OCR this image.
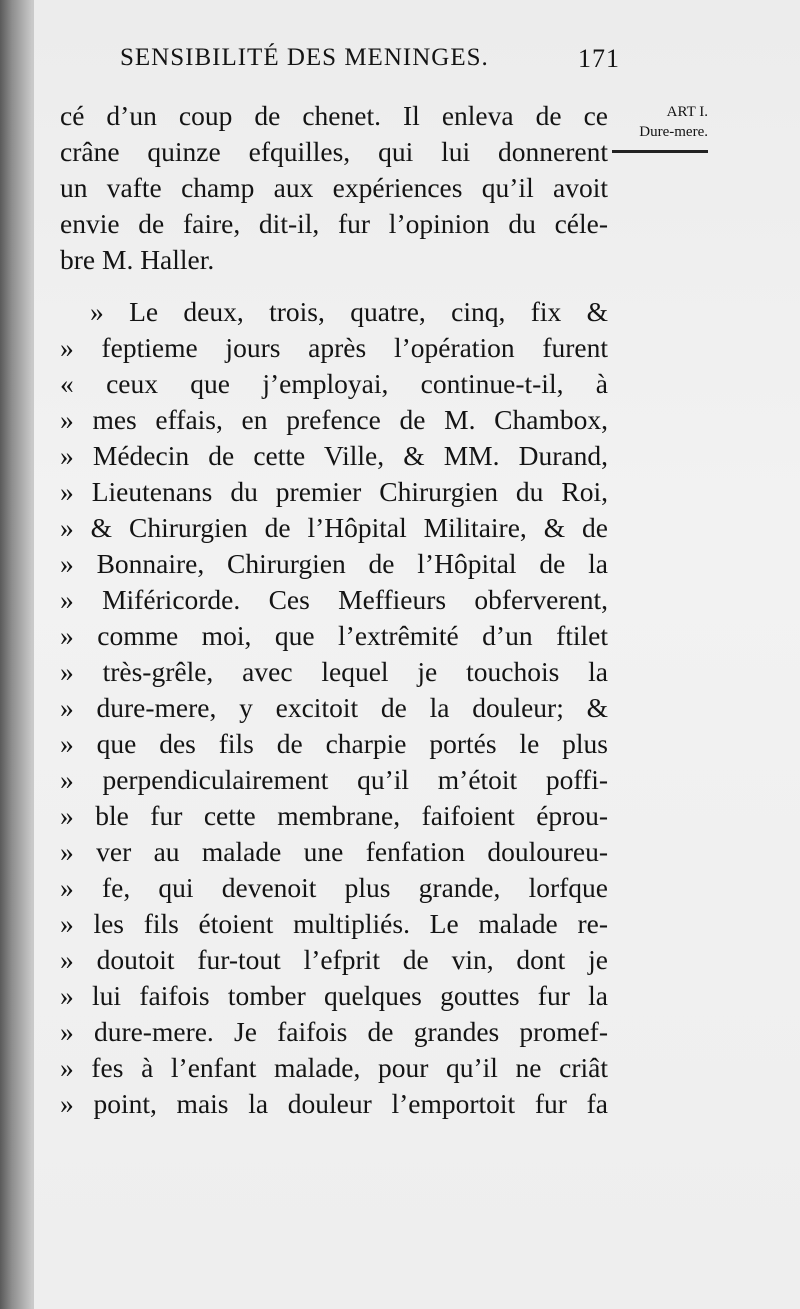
SENSIBILITÉ DES MENINGES.	171
ART I.
Dure-mere.
cé d’un coup de chenet. Il enleva de ce
crâne quinze efquilles, qui lui donnerent
un vafte champ aux expériences qu’il avoit
envie de faire, dit-il, fur l’opinion du céle-
bre M. Haller.
» Le deux, trois, quatre, cinq, fix &
» feptieme jours après l’opération furent
« ceux que j’employai, continue-t-il, à
» mes effais, en prefence de M. Chambox,
» Médecin de cette Ville, & MM. Durand,
» Lieutenans du premier Chirurgien du Roi,
» & Chirurgien de l’Hôpital Militaire, & de
» Bonnaire, Chirurgien de l’Hôpital de la
» Miféricorde. Ces Meffieurs obferverent,
» comme moi, que l’extrêmité d’un ftilet
» très-grêle, avec lequel je touchois la
» dure-mere, y excitoit de la douleur; &
» que des fils de charpie portés le plus
» perpendiculairement qu’il m’étoit poffi-
» ble fur cette membrane, faifoient éprou-
» ver au malade une fenfation douloureu-
» fe, qui devenoit plus grande, lorfque
» les fils étoient multipliés. Le malade re-
» doutoit fur-tout l’efprit de vin, dont je
» lui faifois tomber quelques gouttes fur la
» dure-mere. Je faifois de grandes promef-
» fes à l’enfant malade, pour qu’il ne criât
» point, mais la douleur l’emportoit fur fa
